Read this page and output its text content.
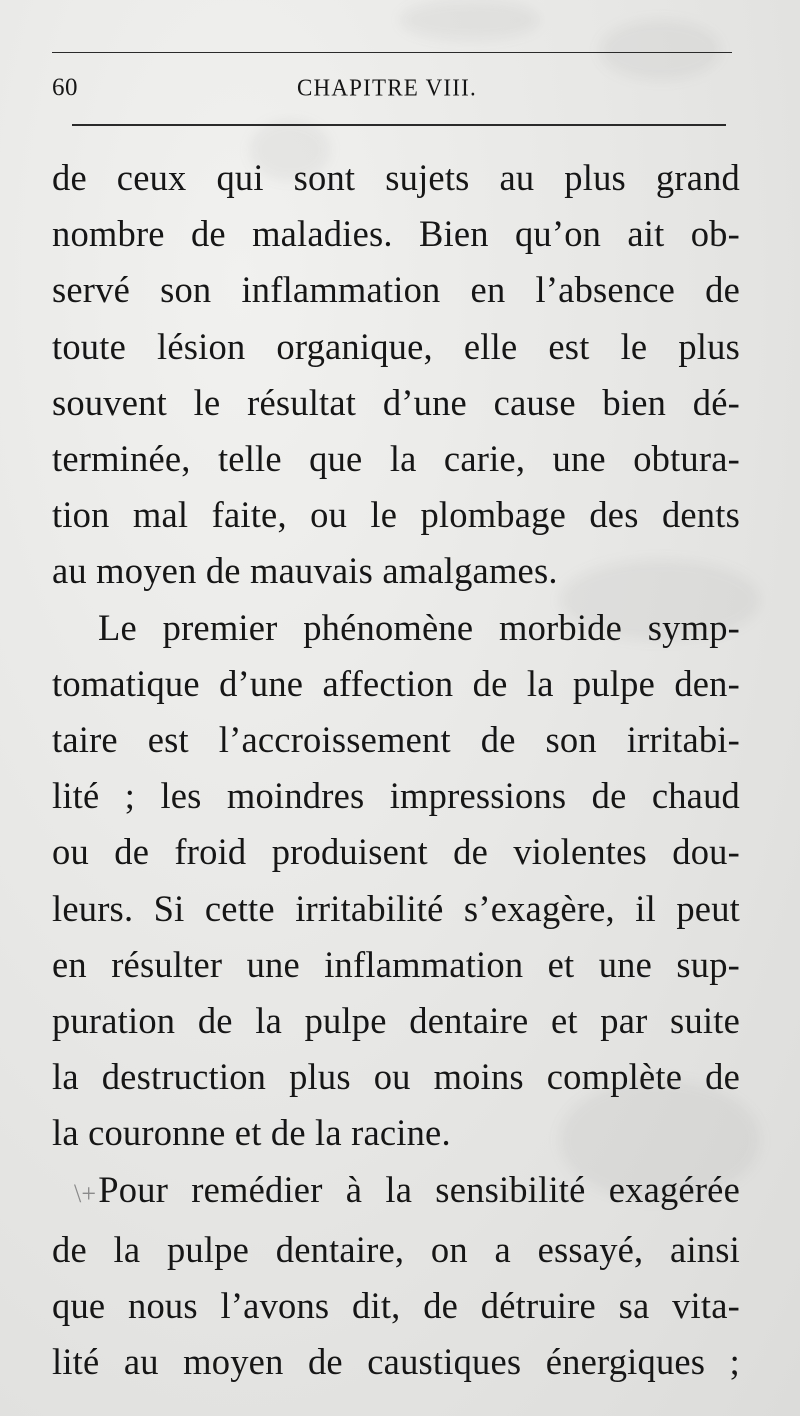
60	CHAPITRE VIII.
de ceux qui sont sujets au plus grand
nombre de maladies. Bien qu’on ait ob-
servé son inflammation en l’absence de
toute lésion organique, elle est le plus
souvent le résultat d’une cause bien dé-
terminée, telle que la carie, une obtura-
tion mal faite, ou le plombage des dents
au moyen de mauvais amalgames.
Le premier phénomène morbide symp-
tomatique d’une affection de la pulpe den-
taire est l’accroissement de son irritabi-
lité ; les moindres impressions de chaud
ou de froid produisent de violentes dou-
leurs. Si cette irritabilité s’exagère, il peut
en résulter une inflammation et une sup-
puration de la pulpe dentaire et par suite
la destruction plus ou moins complète de
la couronne et de la racine.
\+Pour remédier à la sensibilité exagérée
de la pulpe dentaire, on a essayé, ainsi
que nous l’avons dit, de détruire sa vita-
lité au moyen de caustiques énergiques ;
